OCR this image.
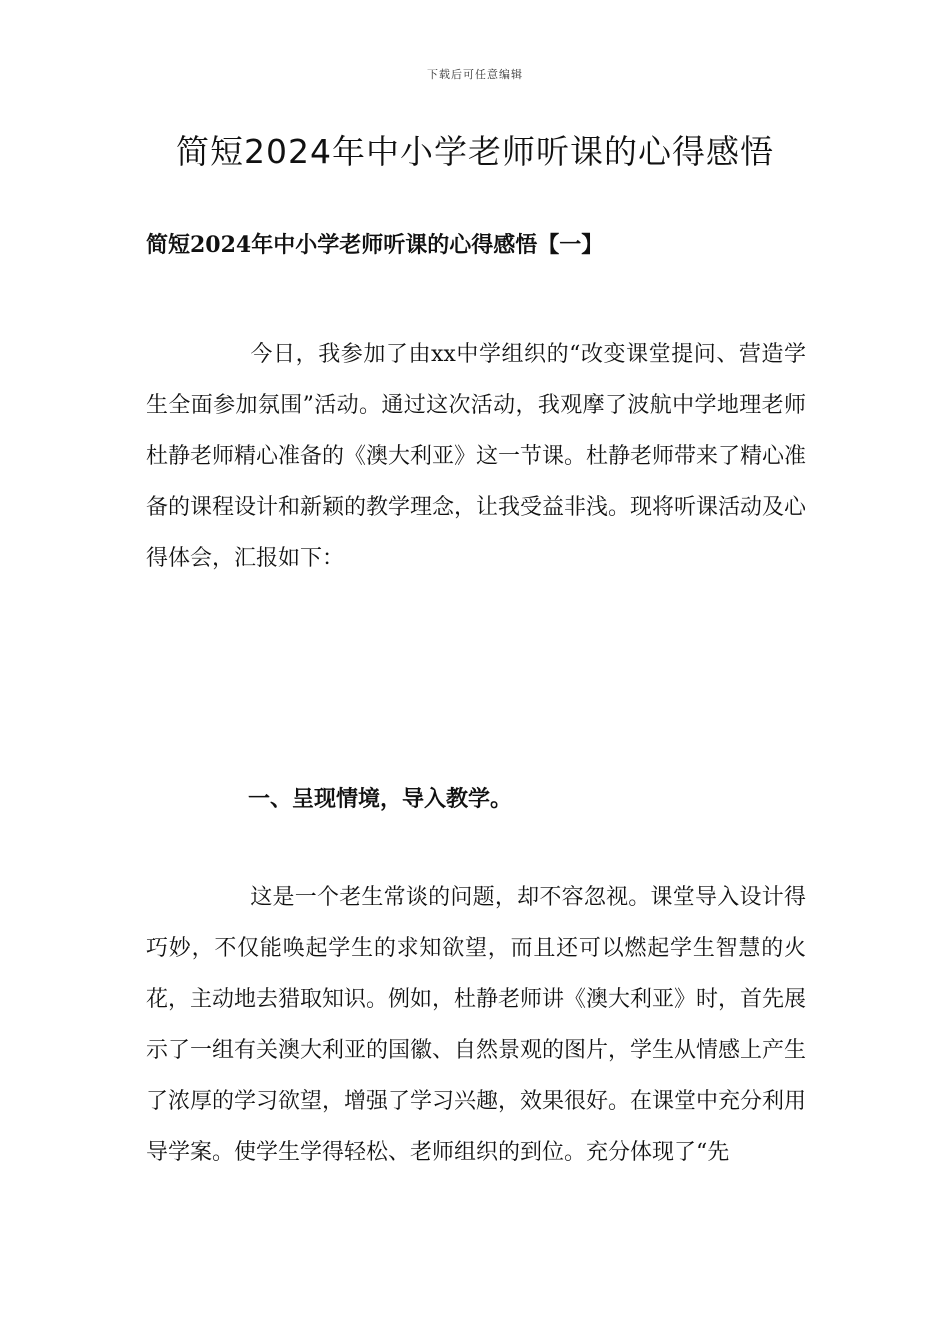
下载后可任意编辑
简短2024年中小学老师听课的心得感悟
简短2024年中小学老师听课的心得感悟【一】

今日，我参加了由xx中学组织的“改变课堂提问、营造学生全面参加氛围”活动。通过这次活动，我观摩了波航中学地理老师杜静老师精心准备的《澳大利亚》这一节课。杜静老师带来了精心准备的课程设计和新颖的教学理念，让我受益非浅。现将听课活动及心得体会，汇报如下：

一、呈现情境，导入教学。

这是一个老生常谈的问题，却不容忽视。课堂导入设计得巧妙，不仅能唤起学生的求知欲望，而且还可以燃起学生智慧的火花，主动地去猎取知识。例如，杜静老师讲《澳大利亚》时，首先展示了一组有关澳大利亚的国徽、自然景观的图片，学生从情感上产生了浓厚的学习欲望，增强了学习兴趣，效果很好。在课堂中充分利用导学案。使学生学得轻松、老师组织的到位。充分体现了“先
